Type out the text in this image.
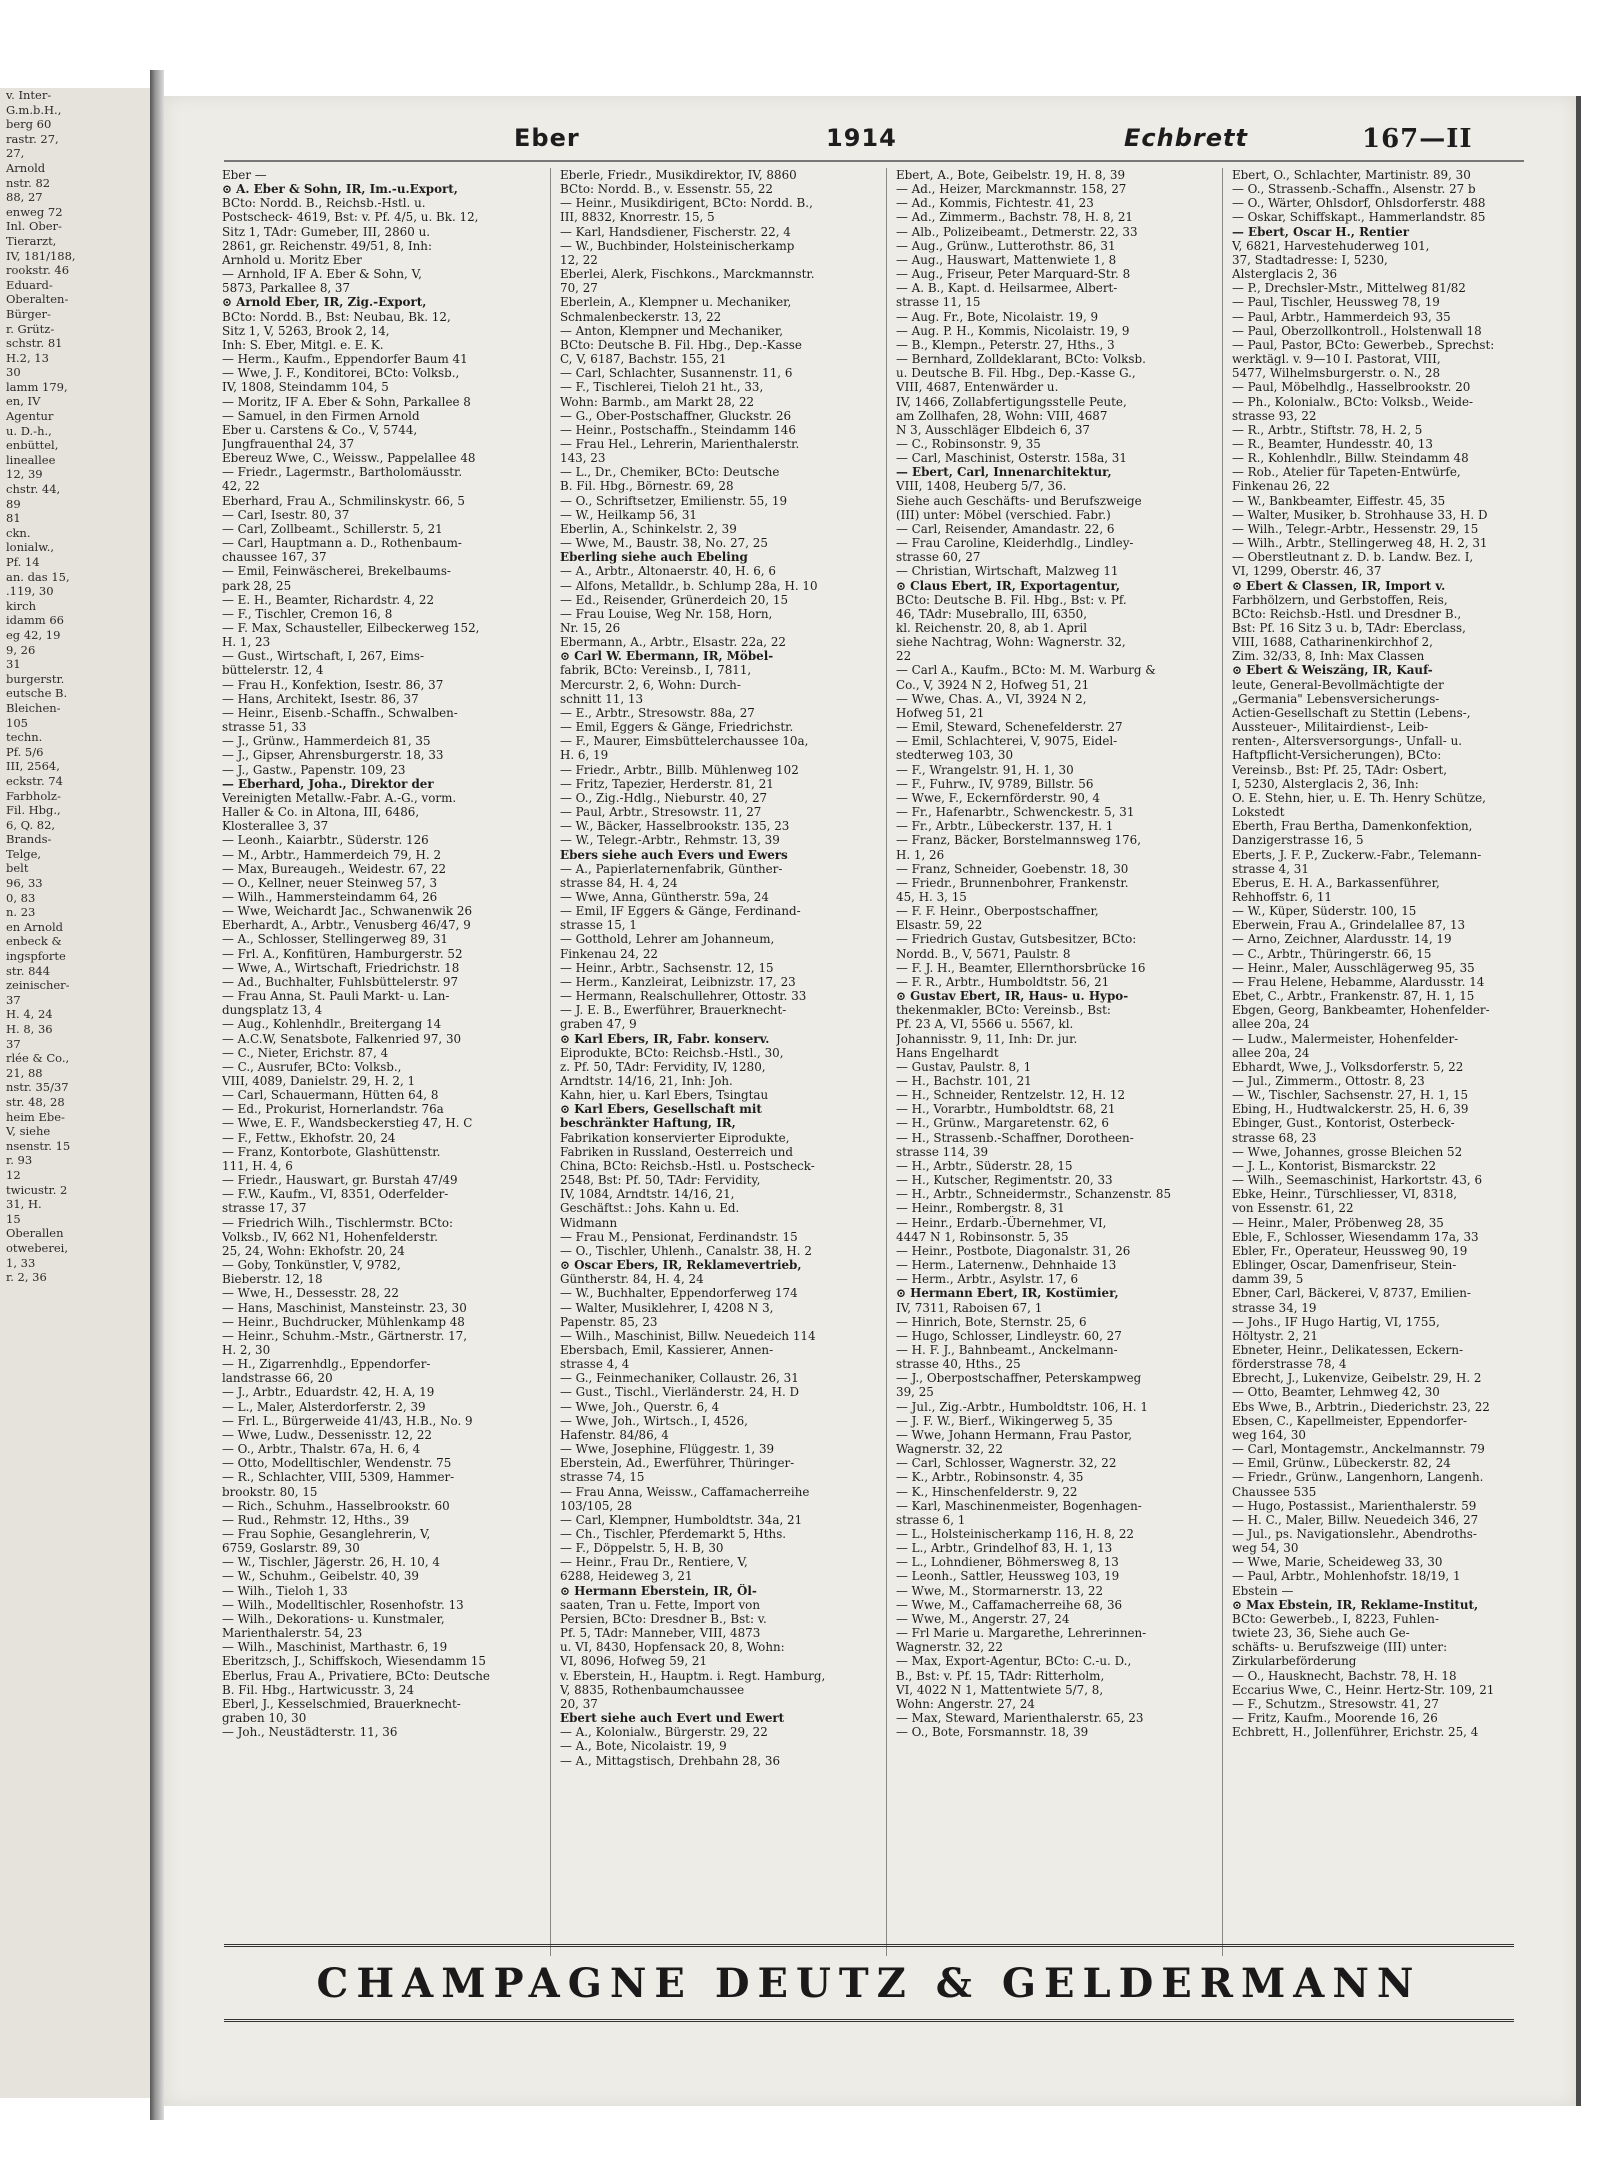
v. Inter-
G.m.b.H.,
berg 60
rastr. 27,
27,
Arnold
nstr. 82
88, 27
enweg 72
Inl. Ober-
Tierarzt,
IV, 181/188,
rookstr. 46
Eduard-
Oberalten-
Bürger-
r. Grütz-
schstr. 81
H.2, 13
30
lamm 179,
en, IV
Agentur
u. D.-h.,
enbüttel,
lineallee
12, 39
chstr. 44,
89
81
ckn.
lonialw.,
Pf. 14
an. das 15,
.119, 30
kirch
idamm 66
eg 42, 19
9, 26
31
burgerstr.
eutsche B.
Bleichen-
105
techn.
Pf. 5/6
III, 2564,
eckstr. 74
Farbholz-
Fil. Hbg.,
6, Q. 82,
Brands-
Telge,
belt
96, 33
0, 83
n. 23
en Arnold
enbeck &
ingspforte
str. 844
zeinischer-
37
H. 4, 24
H. 8, 36
37
rlée & Co.,
21, 88
nstr. 35/37
str. 48, 28
heim Ebe-
V, siehe
nsenstr. 15
r. 93
12
twicustr. 2
31, H.
15
Oberallen
otweberei,
1, 33
r. 2, 36
Eber	1914	Echbrett	167—II
Eber —
⊙ A. Eber & Sohn, IR, Im.-u.Export,
BCto: Nordd. B., Reichsb.-Hstl. u.
Postscheck- 4619, Bst: v. Pf. 4/5, u. Bk. 12,
Sitz 1, TAdr: Gumeber, III, 2860 u.
2861, gr. Reichenstr. 49/51, 8, Inh:
Arnhold u. Moritz Eber
— Arnhold, IF A. Eber & Sohn, V,
5873, Parkallee 8, 37
⊙ Arnold Eber, IR, Zig.-Export,
BCto: Nordd. B., Bst: Neubau, Bk. 12,
Sitz 1, V, 5263, Brook 2, 14,
Inh: S. Eber, Mitgl. e. E. K.
— Herm., Kaufm., Eppendorfer Baum 41
— Wwe, J. F., Konditorei, BCto: Volksb.,
IV, 1808, Steindamm 104, 5
— Moritz, IF A. Eber & Sohn, Parkallee 8
— Samuel, in den Firmen Arnold
Eber u. Carstens & Co., V, 5744,
Jungfrauenthal 24, 37
Ebereuz Wwe, C., Weissw., Pappelallee 48
— Friedr., Lagermstr., Bartholomäusstr.
42, 22
Eberhard, Frau A., Schmilinskystr. 66, 5
— Carl, Isestr. 80, 37
— Carl, Zollbeamt., Schillerstr. 5, 21
— Carl, Hauptmann a. D., Rothenbaum-
chaussee 167, 37
— Emil, Feinwäscherei, Brekelbaums-
park 28, 25
— E. H., Beamter, Richardstr. 4, 22
— F., Tischler, Cremon 16, 8
— F. Max, Schausteller, Eilbeckerweg 152,
H. 1, 23
— Gust., Wirtschaft, I, 267, Eims-
büttelerstr. 12, 4
— Frau H., Konfektion, Isestr. 86, 37
— Hans, Architekt, Isestr. 86, 37
— Heinr., Eisenb.-Schaffn., Schwalben-
strasse 51, 33
— J., Grünw., Hammerdeich 81, 35
— J., Gipser, Ahrensburgerstr. 18, 33
— J., Gastw., Papenstr. 109, 23
— Eberhard, Joha., Direktor der
Vereinigten Metallw.-Fabr. A.-G., vorm.
Haller & Co. in Altona, III, 6486,
Klosterallee 3, 37
— Leonh., Kaiarbtr., Süderstr. 126
— M., Arbtr., Hammerdeich 79, H. 2
— Max, Bureaugeh., Weidestr. 67, 22
— O., Kellner, neuer Steinweg 57, 3
— Wilh., Hammersteindamm 64, 26
— Wwe, Weichardt Jac., Schwanenwik 26
Eberhardt, A., Arbtr., Venusberg 46/47, 9
— A., Schlosser, Stellingerweg 89, 31
— Frl. A., Konfitüren, Hamburgerstr. 52
— Wwe, A., Wirtschaft, Friedrichstr. 18
— Ad., Buchhalter, Fuhlsbüttelerstr. 97
— Frau Anna, St. Pauli Markt- u. Lan-
dungsplatz 13, 4
— Aug., Kohlenhdlr., Breitergang 14
— A.C.W, Senatsbote, Falkenried 97, 30
— C., Nieter, Erichstr. 87, 4
— C., Ausrufer, BCto: Volksb.,
VIII, 4089, Danielstr. 29, H. 2, 1
— Carl, Schauermann, Hütten 64, 8
— Ed., Prokurist, Hornerlandstr. 76a
— Wwe, E. F., Wandsbeckerstieg 47, H. C
— F., Fettw., Ekhofstr. 20, 24
— Franz, Kontorbote, Glashüttenstr.
111, H. 4, 6
— Friedr., Hauswart, gr. Burstah 47/49
— F.W., Kaufm., VI, 8351, Oderfelder-
strasse 17, 37
— Friedrich Wilh., Tischlermstr. BCto:
Volksb., IV, 662 N1, Hohenfelderstr.
25, 24, Wohn: Ekhofstr. 20, 24
— Goby, Tonkünstler, V, 9782,
Bieberstr. 12, 18
— Wwe, H., Dessesstr. 28, 22
— Hans, Maschinist, Mansteinstr. 23, 30
— Heinr., Buchdrucker, Mühlenkamp 48
— Heinr., Schuhm.-Mstr., Gärtnerstr. 17,
H. 2, 30
— H., Zigarrenhdlg., Eppendorfer-
landstrasse 66, 20
— J., Arbtr., Eduardstr. 42, H. A, 19
— L., Maler, Alsterdorferstr. 2, 39
— Frl. L., Bürgerweide 41/43, H.B., No. 9
— Wwe, Ludw., Dessenisstr. 12, 22
— O., Arbtr., Thalstr. 67a, H. 6, 4
— Otto, Modelltischler, Wendenstr. 75
— R., Schlachter, VIII, 5309, Hammer-
brookstr. 80, 15
— Rich., Schuhm., Hasselbrookstr. 60
— Rud., Rehmstr. 12, Hths., 39
— Frau Sophie, Gesanglehrerin, V,
6759, Goslarstr. 89, 30
— W., Tischler, Jägerstr. 26, H. 10, 4
— W., Schuhm., Geibelstr. 40, 39
— Wilh., Tieloh 1, 33
— Wilh., Modelltischler, Rosenhofstr. 13
— Wilh., Dekorations- u. Kunstmaler,
Marienthalerstr. 54, 23
— Wilh., Maschinist, Marthastr. 6, 19
Eberitzsch, J., Schiffskoch, Wiesendamm 15
Eberlus, Frau A., Privatiere, BCto: Deutsche
B. Fil. Hbg., Hartwicusstr. 3, 24
Eberl, J., Kesselschmied, Brauerknecht-
graben 10, 30
— Joh., Neustädterstr. 11, 36
Eberle, Friedr., Musikdirektor, IV, 8860
BCto: Nordd. B., v. Essenstr. 55, 22
— Heinr., Musikdirigent, BCto: Nordd. B.,
III, 8832, Knorrestr. 15, 5
— Karl, Handsdiener, Fischerstr. 22, 4
— W., Buchbinder, Holsteinischerkamp
12, 22
Eberlei, Alerk, Fischkons., Marckmannstr.
70, 27
Eberlein, A., Klempner u. Mechaniker,
Schmalenbeckerstr. 13, 22
— Anton, Klempner und Mechaniker,
BCto: Deutsche B. Fil. Hbg., Dep.-Kasse
C, V, 6187, Bachstr. 155, 21
— Carl, Schlachter, Susannenstr. 11, 6
— F., Tischlerei, Tieloh 21 ht., 33,
Wohn: Barmb., am Markt 28, 22
— G., Ober-Postschaffner, Gluckstr. 26
— Heinr., Postschaffn., Steindamm 146
— Frau Hel., Lehrerin, Marienthalerstr.
143, 23
— L., Dr., Chemiker, BCto: Deutsche
B. Fil. Hbg., Börnestr. 69, 28
— O., Schriftsetzer, Emilienstr. 55, 19
— W., Heilkamp 56, 31
Eberlin, A., Schinkelstr. 2, 39
— Wwe, M., Baustr. 38, No. 27, 25
Eberling siehe auch Ebeling
— A., Arbtr., Altonaerstr. 40, H. 6, 6
— Alfons, Metalldr., b. Schlump 28a, H. 10
— Ed., Reisender, Grünerdeich 20, 15
— Frau Louise, Weg Nr. 158, Horn,
Nr. 15, 26
Ebermann, A., Arbtr., Elsastr. 22a, 22
⊙ Carl W. Ebermann, IR, Möbel-
fabrik, BCto: Vereinsb., I, 7811,
Mercurstr. 2, 6, Wohn: Durch-
schnitt 11, 13
— E., Arbtr., Stresowstr. 88a, 27
— Emil, Eggers & Gänge, Friedrichstr.
— F., Maurer, Eimsbüttelerchaussee 10a,
H. 6, 19
— Friedr., Arbtr., Billb. Mühlenweg 102
— Fritz, Tapezier, Herderstr. 81, 21
— O., Zig.-Hdlg., Nieburstr. 40, 27
— Paul, Arbtr., Stresowstr. 11, 27
— W., Bäcker, Hasselbrookstr. 135, 23
— W., Telegr.-Arbtr., Rehmstr. 13, 39
Ebers siehe auch Evers und Ewers
— A., Papierlaternenfabrik, Günther-
strasse 84, H. 4, 24
— Wwe, Anna, Güntherstr. 59a, 24
— Emil, IF Eggers & Gänge, Ferdinand-
strasse 15, 1
— Gotthold, Lehrer am Johanneum,
Finkenau 24, 22
— Heinr., Arbtr., Sachsenstr. 12, 15
— Herm., Kanzleirat, Leibnizstr. 17, 23
— Hermann, Realschullehrer, Ottostr. 33
— J. E. B., Ewerführer, Brauerknecht-
graben 47, 9
⊙ Karl Ebers, IR, Fabr. konserv.
Eiprodukte, BCto: Reichsb.-Hstl., 30,
z. Pf. 50, TAdr: Fervidity, IV, 1280,
Arndtstr. 14/16, 21, Inh: Joh.
Kahn, hier, u. Karl Ebers, Tsingtau
⊙ Karl Ebers, Gesellschaft mit
beschränkter Haftung, IR,
Fabrikation konservierter Eiprodukte,
Fabriken in Russland, Oesterreich und
China, BCto: Reichsb.-Hstl. u. Postscheck-
2548, Bst: Pf. 50, TAdr: Fervidity,
IV, 1084, Arndtstr. 14/16, 21,
Geschäftst.: Johs. Kahn u. Ed.
Widmann
— Frau M., Pensionat, Ferdinandstr. 15
— O., Tischler, Uhlenh., Canalstr. 38, H. 2
⊙ Oscar Ebers, IR, Reklamevertrieb,
Güntherstr. 84, H. 4, 24
— W., Buchhalter, Eppendorferweg 174
— Walter, Musiklehrer, I, 4208 N 3,
Papenstr. 85, 23
— Wilh., Maschinist, Billw. Neuedeich 114
Ebersbach, Emil, Kassierer, Annen-
strasse 4, 4
— G., Feinmechaniker, Collaustr. 26, 31
— Gust., Tischl., Vierländerstr. 24, H. D
— Wwe, Joh., Querstr. 6, 4
— Wwe, Joh., Wirtsch., I, 4526,
Hafenstr. 84/86, 4
— Wwe, Josephine, Flüggestr. 1, 39
Eberstein, Ad., Ewerführer, Thüringer-
strasse 74, 15
— Frau Anna, Weissw., Caffamacherreihe
103/105, 28
— Carl, Klempner, Humboldtstr. 34a, 21
— Ch., Tischler, Pferdemarkt 5, Hths.
— F., Döppelstr. 5, H. B, 30
— Heinr., Frau Dr., Rentiere, V,
6288, Heideweg 3, 21
⊙ Hermann Eberstein, IR, Öl-
saaten, Tran u. Fette, Import von
Persien, BCto: Dresdner B., Bst: v.
Pf. 5, TAdr: Manneber, VIII, 4873
u. VI, 8430, Hopfensack 20, 8, Wohn:
VI, 8096, Hofweg 59, 21
v. Eberstein, H., Hauptm. i. Regt. Hamburg,
V, 8835, Rothenbaumchaussee
20, 37
Ebert siehe auch Evert und Ewert
— A., Kolonialw., Bürgerstr. 29, 22
— A., Bote, Nicolaistr. 19, 9
— A., Mittagstisch, Drehbahn 28, 36
Ebert, A., Bote, Geibelstr. 19, H. 8, 39
— Ad., Heizer, Marckmannstr. 158, 27
— Ad., Kommis, Fichtestr. 41, 23
— Ad., Zimmerm., Bachstr. 78, H. 8, 21
— Alb., Polizeibeamt., Detmerstr. 22, 33
— Aug., Grünw., Lutterothstr. 86, 31
— Aug., Hauswart, Mattenwiete 1, 8
— Aug., Friseur, Peter Marquard-Str. 8
— A. B., Kapt. d. Heilsarmee, Albert-
strasse 11, 15
— Aug. Fr., Bote, Nicolaistr. 19, 9
— Aug. P. H., Kommis, Nicolaistr. 19, 9
— B., Klempn., Peterstr. 27, Hths., 3
— Bernhard, Zolldeklarant, BCto: Volksb.
u. Deutsche B. Fil. Hbg., Dep.-Kasse G.,
VIII, 4687, Entenwärder u.
IV, 1466, Zollabfertigungsstelle Peute,
am Zollhafen, 28, Wohn: VIII, 4687
N 3, Ausschläger Elbdeich 6, 37
— C., Robinsonstr. 9, 35
— Carl, Maschinist, Osterstr. 158a, 31
— Ebert, Carl, Innenarchitektur,
VIII, 1408, Heuberg 5/7, 36.
Siehe auch Geschäfts- und Berufszweige
(III) unter: Möbel (verschied. Fabr.)
— Carl, Reisender, Amandastr. 22, 6
— Frau Caroline, Kleiderhdlg., Lindley-
strasse 60, 27
— Christian, Wirtschaft, Malzweg 11
⊙ Claus Ebert, IR, Exportagentur,
BCto: Deutsche B. Fil. Hbg., Bst: v. Pf.
46, TAdr: Musebrallo, III, 6350,
kl. Reichenstr. 20, 8, ab 1. April
siehe Nachtrag, Wohn: Wagnerstr. 32,
22
— Carl A., Kaufm., BCto: M. M. Warburg &
Co., V, 3924 N 2, Hofweg 51, 21
— Wwe, Chas. A., VI, 3924 N 2,
Hofweg 51, 21
— Emil, Steward, Schenefelderstr. 27
— Emil, Schlachterei, V, 9075, Eidel-
stedterweg 103, 30
— F., Wrangelstr. 91, H. 1, 30
— F., Fuhrw., IV, 9789, Billstr. 56
— Wwe, F., Eckernförderstr. 90, 4
— Fr., Hafenarbtr., Schwenckestr. 5, 31
— Fr., Arbtr., Lübeckerstr. 137, H. 1
— Franz, Bäcker, Borstelmannsweg 176,
H. 1, 26
— Franz, Schneider, Goebenstr. 18, 30
— Friedr., Brunnenbohrer, Frankenstr.
45, H. 3, 15
— F. F. Heinr., Oberpostschaffner,
Elsastr. 59, 22
— Friedrich Gustav, Gutsbesitzer, BCto:
Nordd. B., V, 5671, Paulstr. 8
— F. J. H., Beamter, Ellernthorsbrücke 16
— F. R., Arbtr., Humboldtstr. 56, 21
⊙ Gustav Ebert, IR, Haus- u. Hypo-
thekenmakler, BCto: Vereinsb., Bst:
Pf. 23 A, VI, 5566 u. 5567, kl.
Johannisstr. 9, 11, Inh: Dr. jur.
Hans Engelhardt
— Gustav, Paulstr. 8, 1
— H., Bachstr. 101, 21
— H., Schneider, Rentzelstr. 12, H. 12
— H., Vorarbtr., Humboldtstr. 68, 21
— H., Grünw., Margaretenstr. 62, 6
— H., Strassenb.-Schaffner, Dorotheen-
strasse 114, 39
— H., Arbtr., Süderstr. 28, 15
— H., Kutscher, Regimentstr. 20, 33
— H., Arbtr., Schneidermstr., Schanzenstr. 85
— Heinr., Rombergstr. 8, 31
— Heinr., Erdarb.-Übernehmer, VI,
4447 N 1, Robinsonstr. 5, 35
— Heinr., Postbote, Diagonalstr. 31, 26
— Herm., Laternenw., Dehnhaide 13
— Herm., Arbtr., Asylstr. 17, 6
⊙ Hermann Ebert, IR, Kostümier,
IV, 7311, Raboisen 67, 1
— Hinrich, Bote, Sternstr. 25, 6
— Hugo, Schlosser, Lindleystr. 60, 27
— H. F. J., Bahnbeamt., Anckelmann-
strasse 40, Hths., 25
— J., Oberpostschaffner, Peterskampweg
39, 25
— Jul., Zig.-Arbtr., Humboldtstr. 106, H. 1
— J. F. W., Bierf., Wikingerweg 5, 35
— Wwe, Johann Hermann, Frau Pastor,
Wagnerstr. 32, 22
— Carl, Schlosser, Wagnerstr. 32, 22
— K., Arbtr., Robinsonstr. 4, 35
— K., Hinschenfelderstr. 9, 22
— Karl, Maschinenmeister, Bogenhagen-
strasse 6, 1
— L., Holsteinischerkamp 116, H. 8, 22
— L., Arbtr., Grindelhof 83, H. 1, 13
— L., Lohndiener, Böhmersweg 8, 13
— Leonh., Sattler, Heussweg 103, 19
— Wwe, M., Stormarnerstr. 13, 22
— Wwe, M., Caffamacherreihe 68, 36
— Wwe, M., Angerstr. 27, 24
— Frl Marie u. Margarethe, Lehrerinnen-
Wagnerstr. 32, 22
— Max, Export-Agentur, BCto: C.-u. D.,
B., Bst: v. Pf. 15, TAdr: Ritterholm,
VI, 4022 N 1, Mattentwiete 5/7, 8,
Wohn: Angerstr. 27, 24
— Max, Steward, Marienthalerstr. 65, 23
— O., Bote, Forsmannstr. 18, 39
Ebert, O., Schlachter, Martinistr. 89, 30
— O., Strassenb.-Schaffn., Alsenstr. 27 b
— O., Wärter, Ohlsdorf, Ohlsdorferstr. 488
— Oskar, Schiffskapt., Hammerlandstr. 85
— Ebert, Oscar H., Rentier
V, 6821, Harvestehuderweg 101,
37, Stadtadresse: I, 5230,
Alsterglacis 2, 36
— P., Drechsler-Mstr., Mittelweg 81/82
— Paul, Tischler, Heussweg 78, 19
— Paul, Arbtr., Hammerdeich 93, 35
— Paul, Oberzollkontroll., Holstenwall 18
— Paul, Pastor, BCto: Gewerbeb., Sprechst:
werktägl. v. 9—10 I. Pastorat, VIII,
5477, Wilhelmsburgerstr. o. N., 28
— Paul, Möbelhdlg., Hasselbrookstr. 20
— Ph., Kolonialw., BCto: Volksb., Weide-
strasse 93, 22
— R., Arbtr., Stiftstr. 78, H. 2, 5
— R., Beamter, Hundesstr. 40, 13
— R., Kohlenhdlr., Billw. Steindamm 48
— Rob., Atelier für Tapeten-Entwürfe,
Finkenau 26, 22
— W., Bankbeamter, Eiffestr. 45, 35
— Walter, Musiker, b. Strohhause 33, H. D
— Wilh., Telegr.-Arbtr., Hessenstr. 29, 15
— Wilh., Arbtr., Stellingerweg 48, H. 2, 31
— Oberstleutnant z. D. b. Landw. Bez. I,
VI, 1299, Oberstr. 46, 37
⊙ Ebert & Classen, IR, Import v.
Farbhölzern, und Gerbstoffen, Reis,
BCto: Reichsb.-Hstl. und Dresdner B.,
Bst: Pf. 16 Sitz 3 u. b, TAdr: Eberclass,
VIII, 1688, Catharinenkirchhof 2,
Zim. 32/33, 8, Inh: Max Classen
⊙ Ebert & Weiszäng, IR, Kauf-
leute, General-Bevollmächtigte der
„Germania" Lebensversicherungs-
Actien-Gesellschaft zu Stettin (Lebens-,
Aussteuer-, Militairdienst-, Leib-
renten-, Altersversorgungs-, Unfall- u.
Haftpflicht-Versicherungen), BCto:
Vereinsb., Bst: Pf. 25, TAdr: Osbert,
I, 5230, Alsterglacis 2, 36, Inh:
O. E. Stehn, hier, u. E. Th. Henry Schütze,
Lokstedt
Eberth, Frau Bertha, Damenkonfektion,
Danzigerstrasse 16, 5
Eberts, J. F. P., Zuckerw.-Fabr., Telemann-
strasse 4, 31
Eberus, E. H. A., Barkassenführer,
Rehhoffstr. 6, 11
— W., Küper, Süderstr. 100, 15
Eberwein, Frau A., Grindelallee 87, 13
— Arno, Zeichner, Alardusstr. 14, 19
— C., Arbtr., Thüringerstr. 66, 15
— Heinr., Maler, Ausschlägerweg 95, 35
— Frau Helene, Hebamme, Alardusstr. 14
Ebet, C., Arbtr., Frankenstr. 87, H. 1, 15
Ebgen, Georg, Bankbeamter, Hohenfelder-
allee 20a, 24
— Ludw., Malermeister, Hohenfelder-
allee 20a, 24
Ebhardt, Wwe, J., Volksdorferstr. 5, 22
— Jul., Zimmerm., Ottostr. 8, 23
— W., Tischler, Sachsenstr. 27, H. 1, 15
Ebing, H., Hudtwalckerstr. 25, H. 6, 39
Ebinger, Gust., Kontorist, Osterbeck-
strasse 68, 23
— Wwe, Johannes, grosse Bleichen 52
— J. L., Kontorist, Bismarckstr. 22
— Wilh., Seemaschinist, Harkortstr. 43, 6
Ebke, Heinr., Türschliesser, VI, 8318,
von Essenstr. 61, 22
— Heinr., Maler, Pröbenweg 28, 35
Eble, F., Schlosser, Wiesendamm 17a, 33
Ebler, Fr., Operateur, Heussweg 90, 19
Eblinger, Oscar, Damenfriseur, Stein-
damm 39, 5
Ebner, Carl, Bäckerei, V, 8737, Emilien-
strasse 34, 19
— Johs., IF Hugo Hartig, VI, 1755,
Höltystr. 2, 21
Ebneter, Heinr., Delikatessen, Eckern-
förderstrasse 78, 4
Ebrecht, J., Lukenvize, Geibelstr. 29, H. 2
— Otto, Beamter, Lehmweg 42, 30
Ebs Wwe, B., Arbtrin., Diederichstr. 23, 22
Ebsen, C., Kapellmeister, Eppendorfer-
weg 164, 30
— Carl, Montagemstr., Anckelmannstr. 79
— Emil, Grünw., Lübeckerstr. 82, 24
— Friedr., Grünw., Langenhorn, Langenh.
Chaussee 535
— Hugo, Postassist., Marienthalerstr. 59
— H. C., Maler, Billw. Neuedeich 346, 27
— Jul., ps. Navigationslehr., Abendroths-
weg 54, 30
— Wwe, Marie, Scheideweg 33, 30
— Paul, Arbtr., Mohlenhofstr. 18/19, 1
Ebstein —
⊙ Max Ebstein, IR, Reklame-Institut,
BCto: Gewerbeb., I, 8223, Fuhlen-
twiete 23, 36, Siehe auch Ge-
schäfts- u. Berufszweige (III) unter:
Zirkularbeförderung
— O., Hausknecht, Bachstr. 78, H. 18
Eccarius Wwe, C., Heinr. Hertz-Str. 109, 21
— F., Schutzm., Stresowstr. 41, 27
— Fritz, Kaufm., Moorende 16, 26
Echbrett, H., Jollenführer, Erichstr. 25, 4
CHAMPAGNE DEUTZ & GELDERMANN
